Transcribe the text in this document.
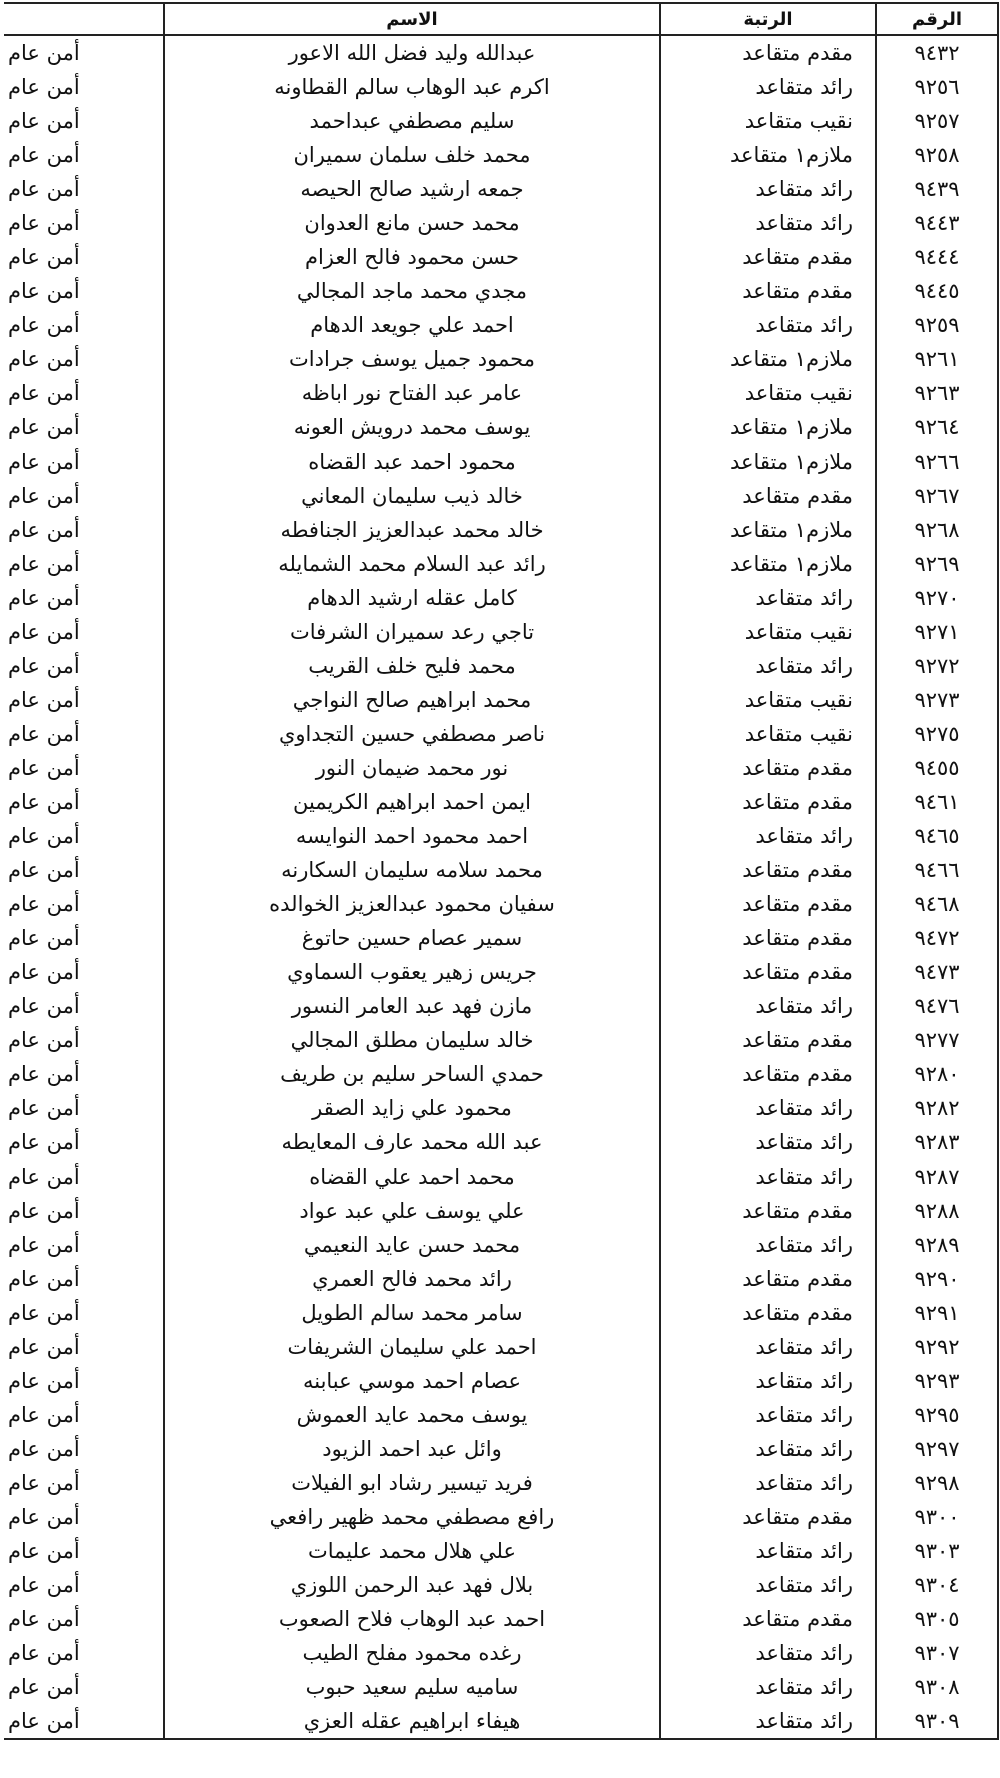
الرقم	الرتبة	الاسم	
٩٤٣٢	مقدم متقاعد	عبدالله وليد فضل الله الاعور	أمن عام
٩٢٥٦	رائد متقاعد	اكرم عبد الوهاب سالم القطاونه	أمن عام
٩٢٥٧	نقيب متقاعد	سليم مصطفي عبداحمد	أمن عام
٩٢٥٨	ملازم١ متقاعد	محمد خلف سلمان سميران	أمن عام
٩٤٣٩	رائد متقاعد	جمعه ارشيد صالح الحيصه	أمن عام
٩٤٤٣	رائد متقاعد	محمد حسن مانع العدوان	أمن عام
٩٤٤٤	مقدم متقاعد	حسن محمود فالح العزام	أمن عام
٩٤٤٥	مقدم متقاعد	مجدي محمد ماجد المجالي	أمن عام
٩٢٥٩	رائد متقاعد	احمد علي جويعد الدهام	أمن عام
٩٢٦١	ملازم١ متقاعد	محمود جميل يوسف جرادات	أمن عام
٩٢٦٣	نقيب متقاعد	عامر عبد الفتاح نور اباظه	أمن عام
٩٢٦٤	ملازم١ متقاعد	يوسف محمد درويش العونه	أمن عام
٩٢٦٦	ملازم١ متقاعد	محمود احمد عبد القضاه	أمن عام
٩٢٦٧	مقدم متقاعد	خالد ذيب سليمان المعاني	أمن عام
٩٢٦٨	ملازم١ متقاعد	خالد محمد عبدالعزيز الجنافطه	أمن عام
٩٢٦٩	ملازم١ متقاعد	رائد عبد السلام محمد الشمايله	أمن عام
٩٢٧٠	رائد متقاعد	كامل عقله ارشيد الدهام	أمن عام
٩٢٧١	نقيب متقاعد	تاجي رعد سميران الشرفات	أمن عام
٩٢٧٢	رائد متقاعد	محمد فليح خلف القريب	أمن عام
٩٢٧٣	نقيب متقاعد	محمد ابراهيم صالح النواجي	أمن عام
٩٢٧٥	نقيب متقاعد	ناصر مصطفي حسين التجداوي	أمن عام
٩٤٥٥	مقدم متقاعد	نور محمد ضيمان النور	أمن عام
٩٤٦١	مقدم متقاعد	ايمن احمد ابراهيم الكريمين	أمن عام
٩٤٦٥	رائد متقاعد	احمد محمود احمد النوايسه	أمن عام
٩٤٦٦	مقدم متقاعد	محمد سلامه سليمان السكارنه	أمن عام
٩٤٦٨	مقدم متقاعد	سفيان محمود عبدالعزيز الخوالده	أمن عام
٩٤٧٢	مقدم متقاعد	سمير عصام حسين حاتوغ	أمن عام
٩٤٧٣	مقدم متقاعد	جريس زهير يعقوب السماوي	أمن عام
٩٤٧٦	رائد متقاعد	مازن فهد عبد العامر النسور	أمن عام
٩٢٧٧	مقدم متقاعد	خالد سليمان مطلق المجالي	أمن عام
٩٢٨٠	مقدم متقاعد	حمدي الساحر سليم بن طريف	أمن عام
٩٢٨٢	رائد متقاعد	محمود علي زايد الصقر	أمن عام
٩٢٨٣	رائد متقاعد	عبد الله محمد عارف المعايطه	أمن عام
٩٢٨٧	رائد متقاعد	محمد احمد علي القضاه	أمن عام
٩٢٨٨	مقدم متقاعد	علي يوسف علي عبد عواد	أمن عام
٩٢٨٩	رائد متقاعد	محمد حسن عايد النعيمي	أمن عام
٩٢٩٠	مقدم متقاعد	رائد محمد فالح العمري	أمن عام
٩٢٩١	مقدم متقاعد	سامر محمد سالم الطويل	أمن عام
٩٢٩٢	رائد متقاعد	احمد علي سليمان الشريفات	أمن عام
٩٢٩٣	رائد متقاعد	عصام احمد موسي عبابنه	أمن عام
٩٢٩٥	رائد متقاعد	يوسف محمد عايد العموش	أمن عام
٩٢٩٧	رائد متقاعد	وائل عبد احمد الزيود	أمن عام
٩٢٩٨	رائد متقاعد	فريد تيسير رشاد ابو الفيلات	أمن عام
٩٣٠٠	مقدم متقاعد	رافع مصطفي محمد ظهير رافعي	أمن عام
٩٣٠٣	رائد متقاعد	علي هلال محمد عليمات	أمن عام
٩٣٠٤	رائد متقاعد	بلال فهد عبد الرحمن اللوزي	أمن عام
٩٣٠٥	مقدم متقاعد	احمد عبد الوهاب فلاح الصعوب	أمن عام
٩٣٠٧	رائد متقاعد	رغده محمود مفلح الطيب	أمن عام
٩٣٠٨	رائد متقاعد	ساميه سليم سعيد حبوب	أمن عام
٩٣٠٩	رائد متقاعد	هيفاء ابراهيم عقله العزي	أمن عام
